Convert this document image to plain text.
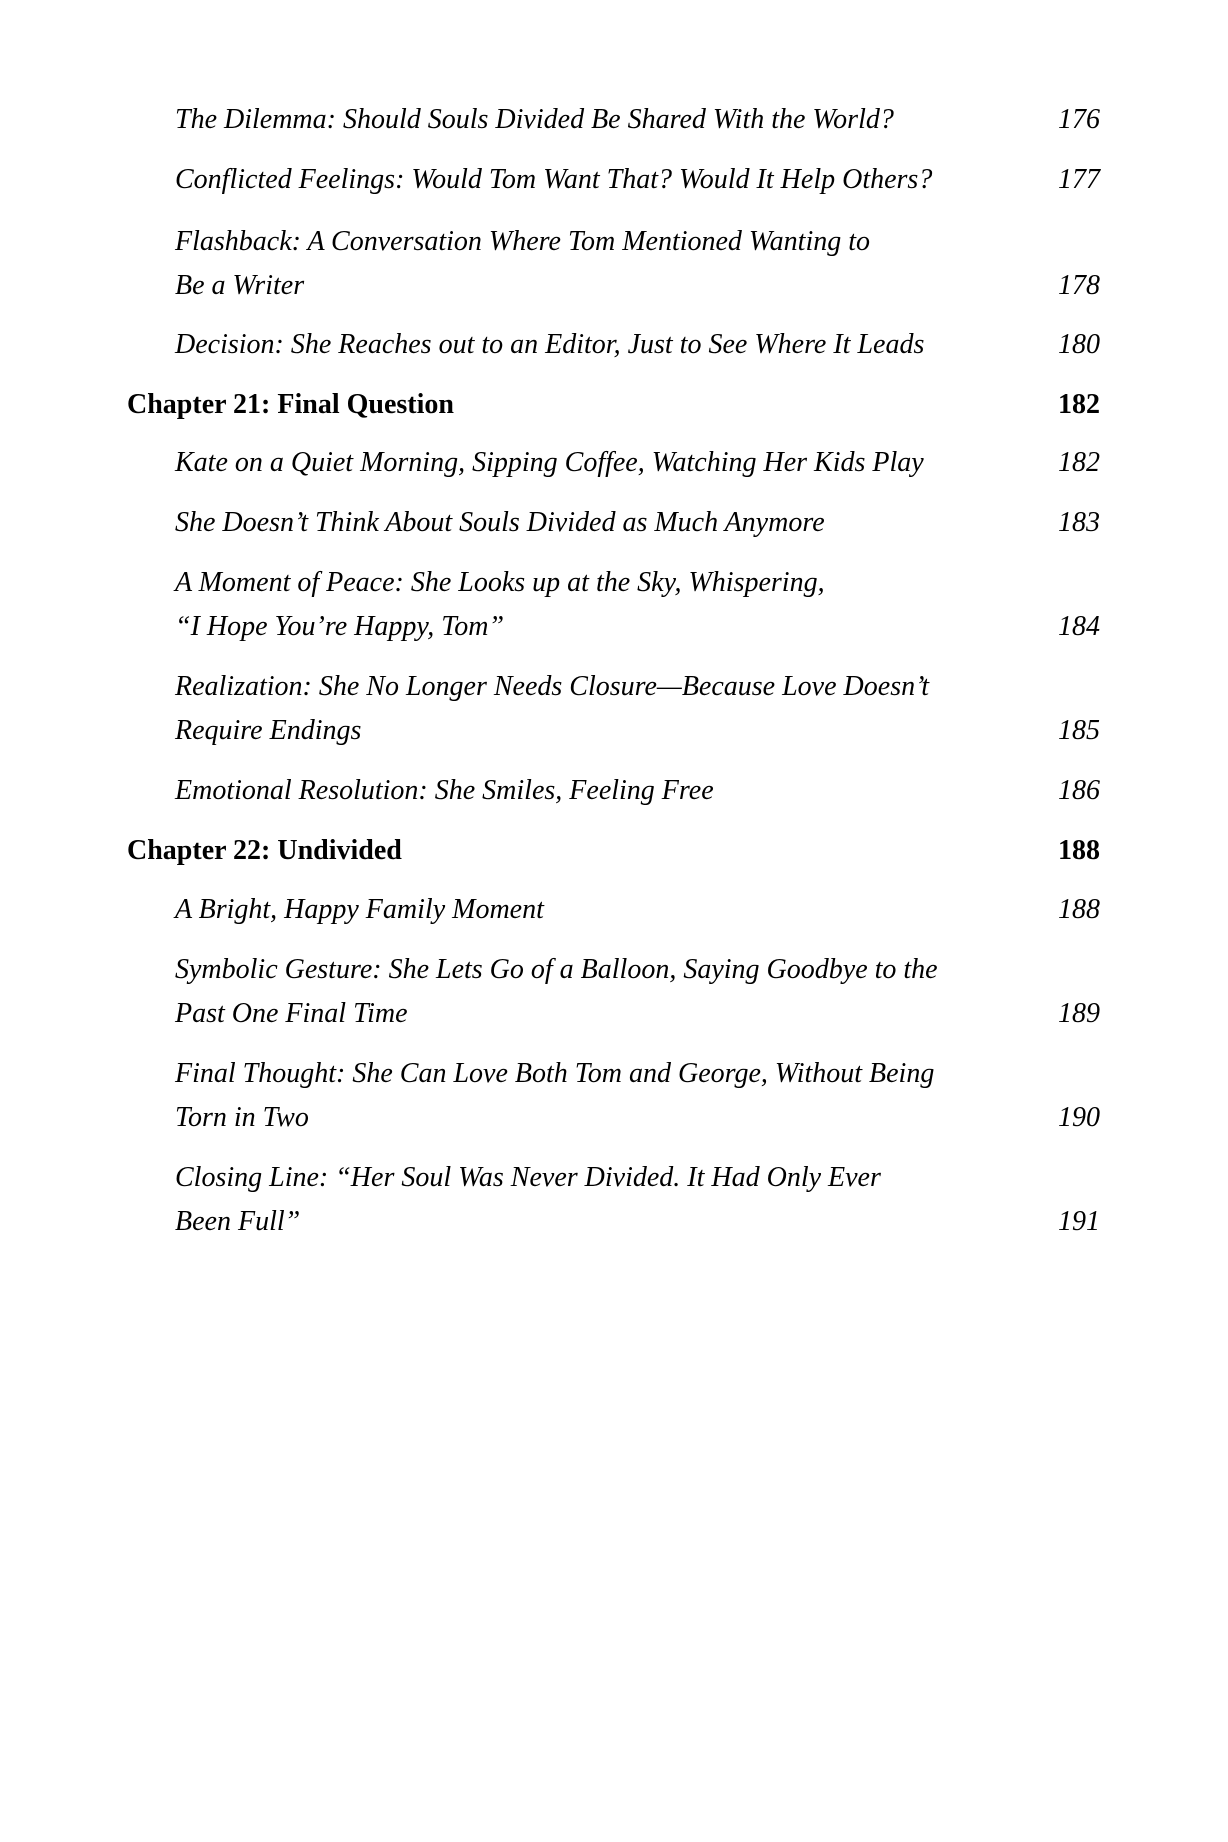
The Dilemma: Should Souls Divided Be Shared With the World?	176
Conflicted Feelings: Would Tom Want That? Would It Help Others?	177
Flashback: A Conversation Where Tom Mentioned Wanting to
Be a Writer	178
Decision: She Reaches out to an Editor, Just to See Where It Leads	180
Chapter 21: Final Question	182
Kate on a Quiet Morning, Sipping Coffee, Watching Her Kids Play	182
She Doesn’t Think About Souls Divided as Much Anymore	183
A Moment of Peace: She Looks up at the Sky, Whispering,
“I Hope You’re Happy, Tom”	184
Realization: She No Longer Needs Closure—Because Love Doesn’t
Require Endings	185
Emotional Resolution: She Smiles, Feeling Free	186
Chapter 22: Undivided	188
A Bright, Happy Family Moment	188
Symbolic Gesture: She Lets Go of a Balloon, Saying Goodbye to the
Past One Final Time	189
Final Thought: She Can Love Both Tom and George, Without Being
Torn in Two	190
Closing Line: “Her Soul Was Never Divided. It Had Only Ever
Been Full”	191
